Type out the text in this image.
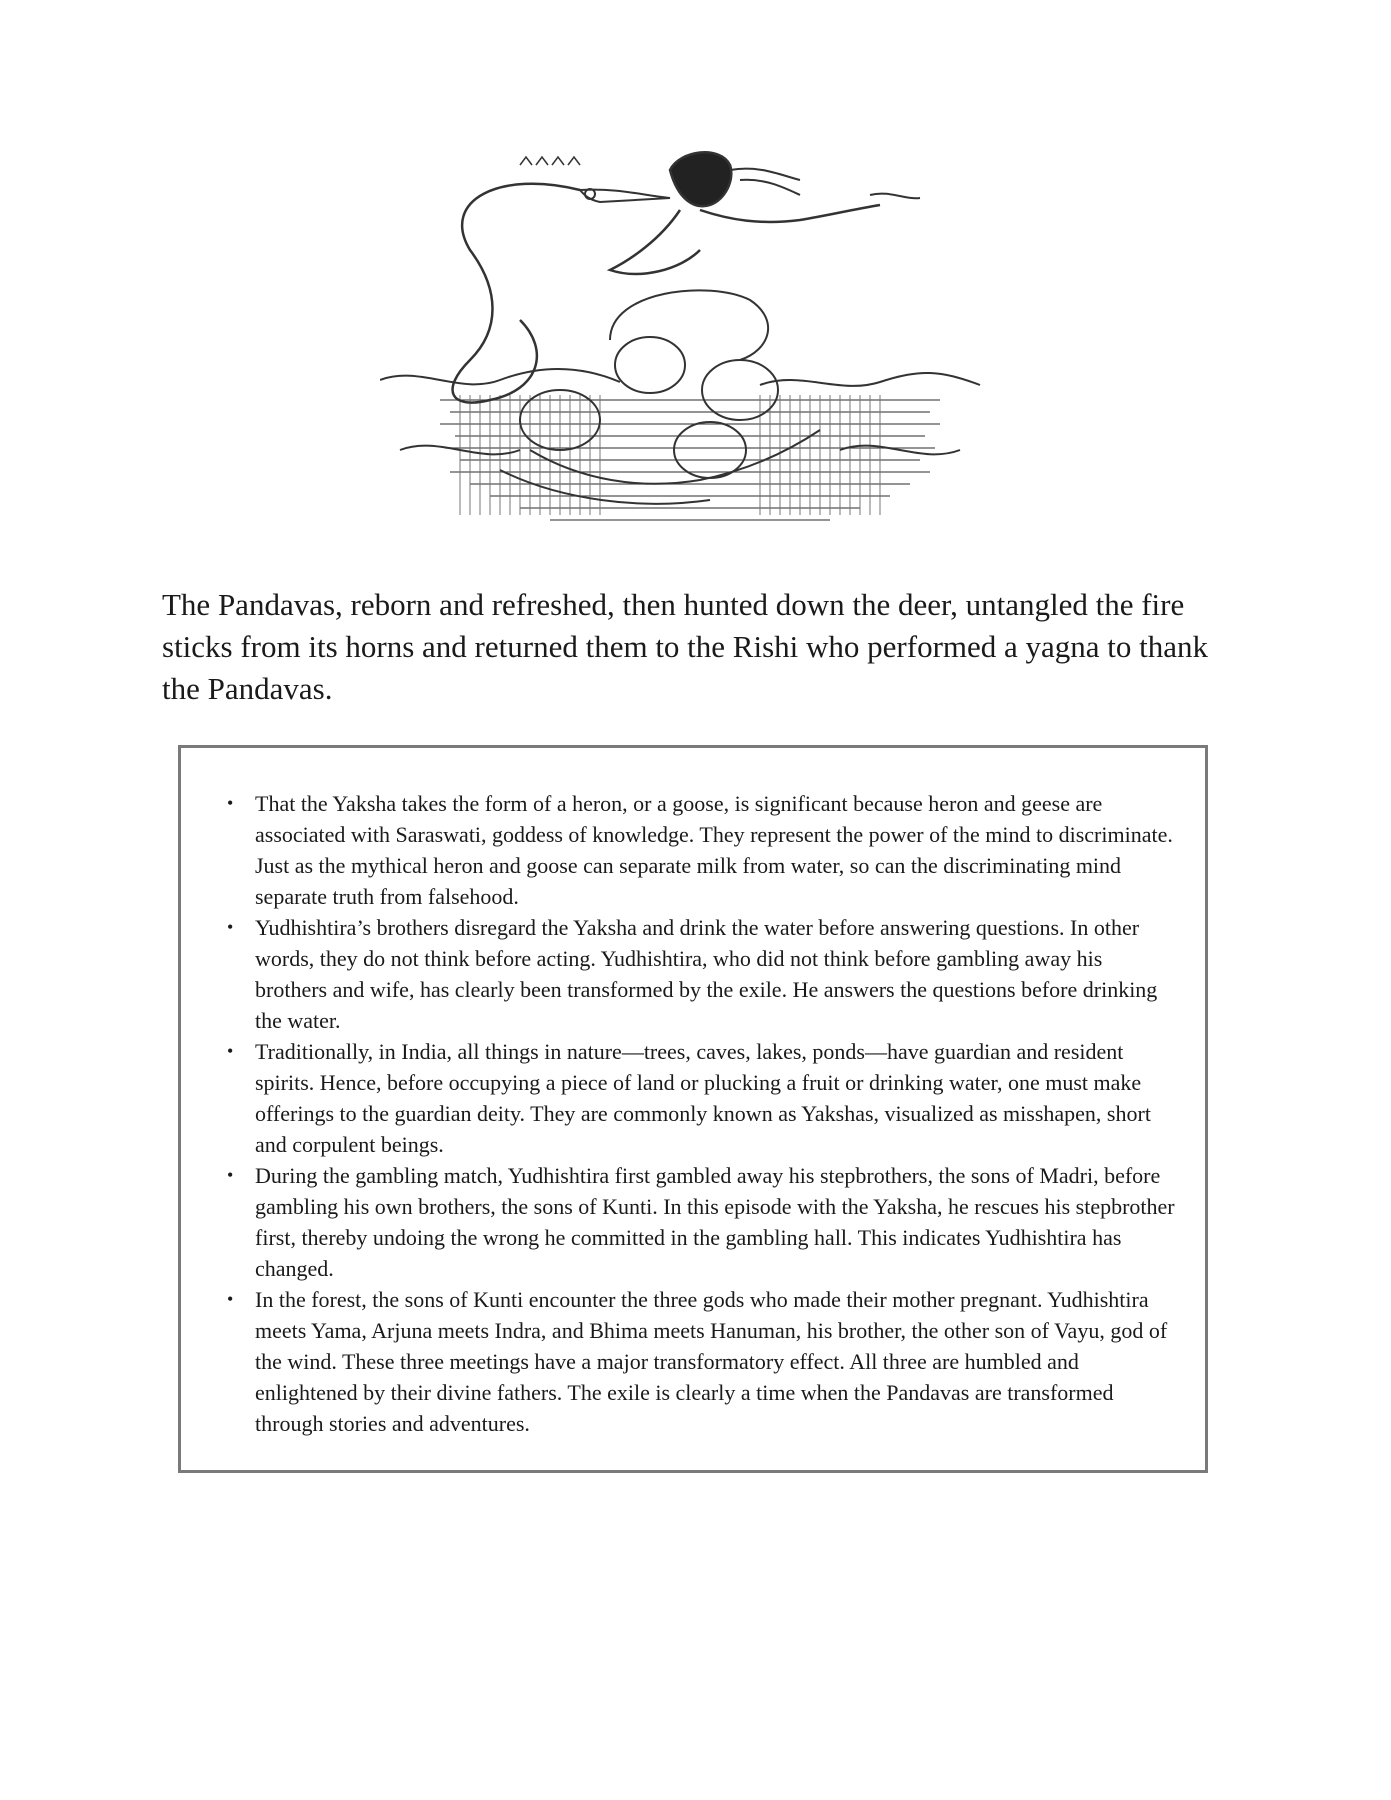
The Pandavas, reborn and refreshed, then hunted down the deer, untangled the fire sticks from its horns and returned them to the Rishi who performed a yagna to thank the Pandavas.

• That the Yaksha takes the form of a heron, or a goose, is significant because heron and geese are associated with Saraswati, goddess of knowledge. They represent the power of the mind to discriminate. Just as the mythical heron and goose can separate milk from water, so can the discriminating mind separate truth from falsehood.
• Yudhishtira’s brothers disregard the Yaksha and drink the water before answering questions. In other words, they do not think before acting. Yudhishtira, who did not think before gambling away his brothers and wife, has clearly been transformed by the exile. He answers the questions before drinking the water.
• Traditionally, in India, all things in nature—trees, caves, lakes, ponds—have guardian and resident spirits. Hence, before occupying a piece of land or plucking a fruit or drinking water, one must make offerings to the guardian deity. They are commonly known as Yakshas, visualized as misshapen, short and corpulent beings.
• During the gambling match, Yudhishtira first gambled away his stepbrothers, the sons of Madri, before gambling his own brothers, the sons of Kunti. In this episode with the Yaksha, he rescues his stepbrother first, thereby undoing the wrong he committed in the gambling hall. This indicates Yudhishtira has changed.
• In the forest, the sons of Kunti encounter the three gods who made their mother pregnant. Yudhishtira meets Yama, Arjuna meets Indra, and Bhima meets Hanuman, his brother, the other son of Vayu, god of the wind. These three meetings have a major transformatory effect. All three are humbled and enlightened by their divine fathers. The exile is clearly a time when the Pandavas are transformed through stories and adventures.
